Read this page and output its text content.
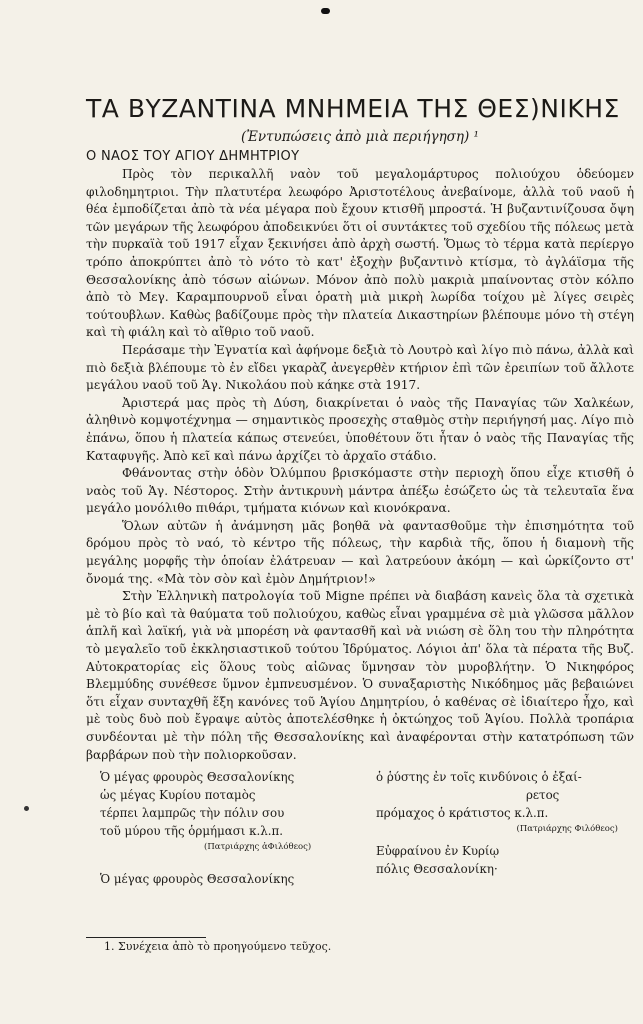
ΤΑ ΒΥΖΑΝΤΙΝΑ ΜΝΗΜΕΙΑ ΤΗΣ ΘΕΣ)ΝΙΚΗΣ
(Ἐντυπώσεις ἀπὸ μιὰ περιήγηση) ¹
Ο ΝΑΟΣ ΤΟΥ ΑΓΙΟΥ ΔΗΜΗΤΡΙΟΥ

Πρὸς τὸν περικαλλῆ ναὸν τοῦ μεγαλομάρτυρος πολιούχου ὁδεύομεν φιλοδημητριοι. Τὴν πλατυτέρα λεωφόρο Ἀριστοτέλους ἀνεβαίνομε, ἀλλὰ τοῦ ναοῦ ἡ θέα ἐμποδίζεται ἀπὸ τὰ νέα μέγαρα ποὺ ἔχουν κτισθῆ μπροστά. Ἡ βυζαντινίζουσα ὄψη τῶν μεγάρων τῆς λεωφόρου ἀποδεικνύει ὅτι οἱ συντάκτες τοῦ σχεδίου τῆς πόλεως μετὰ τὴν πυρκαϊὰ τοῦ 1917 εἶχαν ξεκινήσει ἀπὸ ἀρχὴ σωστή. Ὅμως τὸ τέρμα κατὰ περίεργο τρόπο ἀποκρύπτει ἀπὸ τὸ νότο τὸ κατ' ἐξοχὴν βυζαντινὸ κτίσμα, τὸ ἀγλάϊσμα τῆς Θεσσαλονίκης ἀπὸ τόσων αἰώνων. Μόνον ἀπὸ πολὺ μακριὰ μπαίνοντας στὸν κόλπο ἀπὸ τὸ Μεγ. Καραμπουρνοῦ εἶναι ὁρατὴ μιὰ μικρὴ λωρίδα τοίχου μὲ λίγες σειρὲς τούτουβλων. Καθὼς βαδίζουμε πρὸς τὴν πλατεία Δικαστηρίων βλέπουμε μόνο τὴ στέγη καὶ τὴ φιάλη καὶ τὸ αἴθριο τοῦ ναοῦ.

Περάσαμε τὴν Ἐγνατία καὶ ἀφήνομε δεξιὰ τὸ Λουτρὸ καὶ λίγο πιὸ πάνω, ἀλλὰ καὶ πιὸ δεξιὰ βλέπουμε τὸ ἐν εἴδει γκαρὰζ ἀνεγερθὲν κτήριον ἐπὶ τῶν ἐρειπίων τοῦ ἄλλοτε μεγάλου ναοῦ τοῦ Ἁγ. Νικολάου ποὺ κάηκε στὰ 1917.

Ἀριστερά μας πρὸς τὴ Δύση, διακρίνεται ὁ ναὸς τῆς Παναγίας τῶν Χαλκέων, ἀληθινὸ κομψοτέχνημα — σημαντικὸς προσεχὴς σταθμὸς στὴν περιήγησή μας. Λίγο πιὸ ἐπάνω, ὅπου ἡ πλατεία κάπως στενεύει, ὑποθέτουν ὅτι ἦταν ὁ ναὸς τῆς Παναγίας τῆς Καταφυγῆς. Ἀπὸ κεῖ καὶ πάνω ἀρχίζει τὸ ἀρχαῖο στάδιο.

Φθάνοντας στὴν ὁδὸν Ὀλύμπου βρισκόμαστε στὴν περιοχὴ ὅπου εἶχε κτισθῆ ὁ ναὸς τοῦ Ἁγ. Νέστορος. Στὴν ἀντικρυνὴ μάντρα ἀπέξω ἐσώζετο ὡς τὰ τελευταῖα ἕνα μεγάλο μονόλιθο πιθάρι, τμήματα κιόνων καὶ κιονόκρανα.

Ὅλων αὐτῶν ἡ ἀνάμνηση μᾶς βοηθᾶ νὰ φαντασθοῦμε τὴν ἐπισημότητα τοῦ δρόμου πρὸς τὸ ναό, τὸ κέντρο τῆς πόλεως, τὴν καρδιὰ τῆς, ὅπου ἡ διαμονὴ τῆς μεγάλης μορφῆς τὴν ὁποίαν ἐλάτρευαν — καὶ λατρεύουν ἀκόμη — καὶ ὡρκίζοντο στ' ὄνομά της. «Μὰ τὸν σὸν καὶ ἐμὸν Δημήτριον!»

Στὴν Ἑλληνικὴ πατρολογία τοῦ Migne πρέπει νὰ διαβάση κανεὶς ὅλα τὰ σχετικὰ μὲ τὸ βίο καὶ τὰ θαύματα τοῦ πολιούχου, καθὼς εἶναι γραμμένα σὲ μιὰ γλῶσσα μᾶλλον ἁπλῆ καὶ λαϊκή, γιὰ νὰ μπορέση νὰ φαντασθῆ καὶ νὰ νιώση σὲ ὅλη του τὴν πληρότητα τὸ μεγαλεῖο τοῦ ἐκκλησιαστικοῦ τούτου Ἱδρύματος. Λόγιοι ἀπ' ὅλα τὰ πέρατα τῆς Βυζ. Αὐτοκρατορίας εἰς ὅλους τοὺς αἰῶνας ὕμνησαν τὸν μυροβλήτην. Ὁ Νικηφόρος Βλεμμύδης συνέθεσε ὕμνον ἐμπνευσμένον. Ὁ συναξαριστὴς Νικόδημος μᾶς βεβαιώνει ὅτι εἶχαν συνταχθῆ ἕξη κανόνες τοῦ Ἁγίου Δημητρίου, ὁ καθένας σὲ ἰδιαίτερο ἦχο, καὶ μὲ τοὺς δυὸ ποὺ ἔγραψε αὐτὸς ἀποτελέσθηκε ἡ ὀκτώηχος τοῦ Ἁγίου. Πολλὰ τροπάρια συνδέονται μὲ τὴν πόλη τῆς Θεσσαλονίκης καὶ ἀναφέρονται στὴν κατατρόπωση τῶν βαρβάρων ποὺ τὴν πολιορκοῦσαν.

Ὁ μέγας φρουρὸς Θεσσαλονίκης
ὡς μέγας Κυρίου ποταμὸς
τέρπει λαμπρῶς τὴν πόλιν σου
τοῦ μύρου τῆς ὁρμήμασι κ.λ.π.
(Πατριάρχης ἀΦιλόθεος)
Ὁ μέγας φρουρὸς Θεσσαλονίκης
ὁ ῥύστης ἐν τοῖς κινδύνοις ὁ ἐξαί-
ρετος
πρόμαχος ὁ κράτιστος κ.λ.π.
(Πατριάρχης Φιλόθεος)
Εὐφραίνου ἐν Κυρίῳ
πόλις Θεσσαλονίκη·
1. Συνέχεια ἀπὸ τὸ προηγούμενο τεῦχος.
